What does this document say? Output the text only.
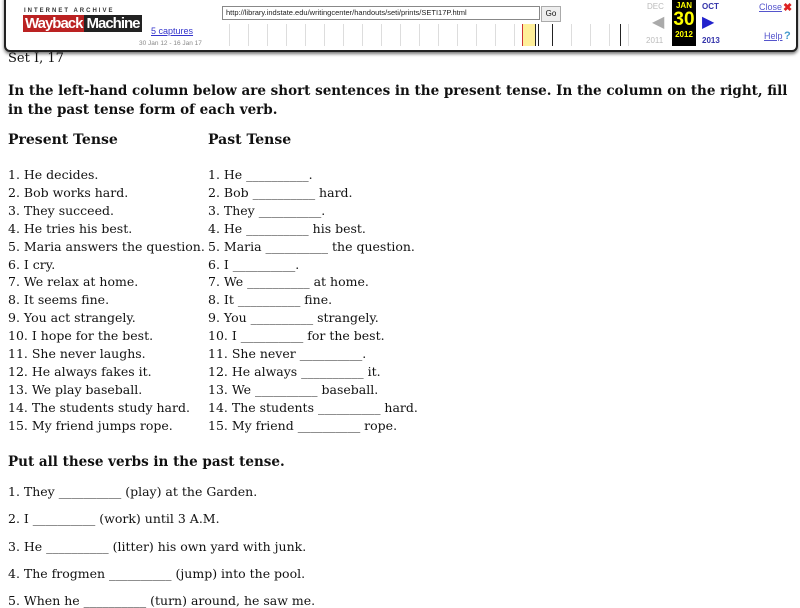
INTERNET ARCHIVE
Wayback Machine 5 captures
30 Jan 12 - 16 Jan 17
http://library.indstate.edu/writingcenter/handouts/seti/prints/SETI17P.html	Go
DEC
◀
2011
JAN
30
2012
OCT
▶
2013
Close ✖
Help ?

Set I, 17

In the left-hand column below are short sentences in the present tense. In the column on the right, fill in the past tense form of each verb.
Present Tense	Past Tense
1. He decides.	1. He __________.
2. Bob works hard.	2. Bob __________ hard.
3. They succeed.	3. They __________.
4. He tries his best.	4. He __________ his best.
5. Maria answers the question. 5. Maria __________ the question.
6. I cry.	6. I __________.
7. We relax at home.	7. We __________ at home.
8. It seems fine.	8. It __________ fine.
9. You act strangely.	9. You __________ strangely.
10. I hope for the best.	10. I __________ for the best.
11. She never laughs.	11. She never __________.
12. He always fakes it.	12. He always __________ it.
13. We play baseball.	13. We __________ baseball.
14. The students study hard. 14. The students __________ hard.
15. My friend jumps rope.	15. My friend __________ rope.
Put all these verbs in the past tense.
1. They __________ (play) at the Garden.
2. I __________ (work) until 3 A.M.
3. He __________ (litter) his own yard with junk.
4. The frogmen __________ (jump) into the pool.
5. When he __________ (turn) around, he saw me.
